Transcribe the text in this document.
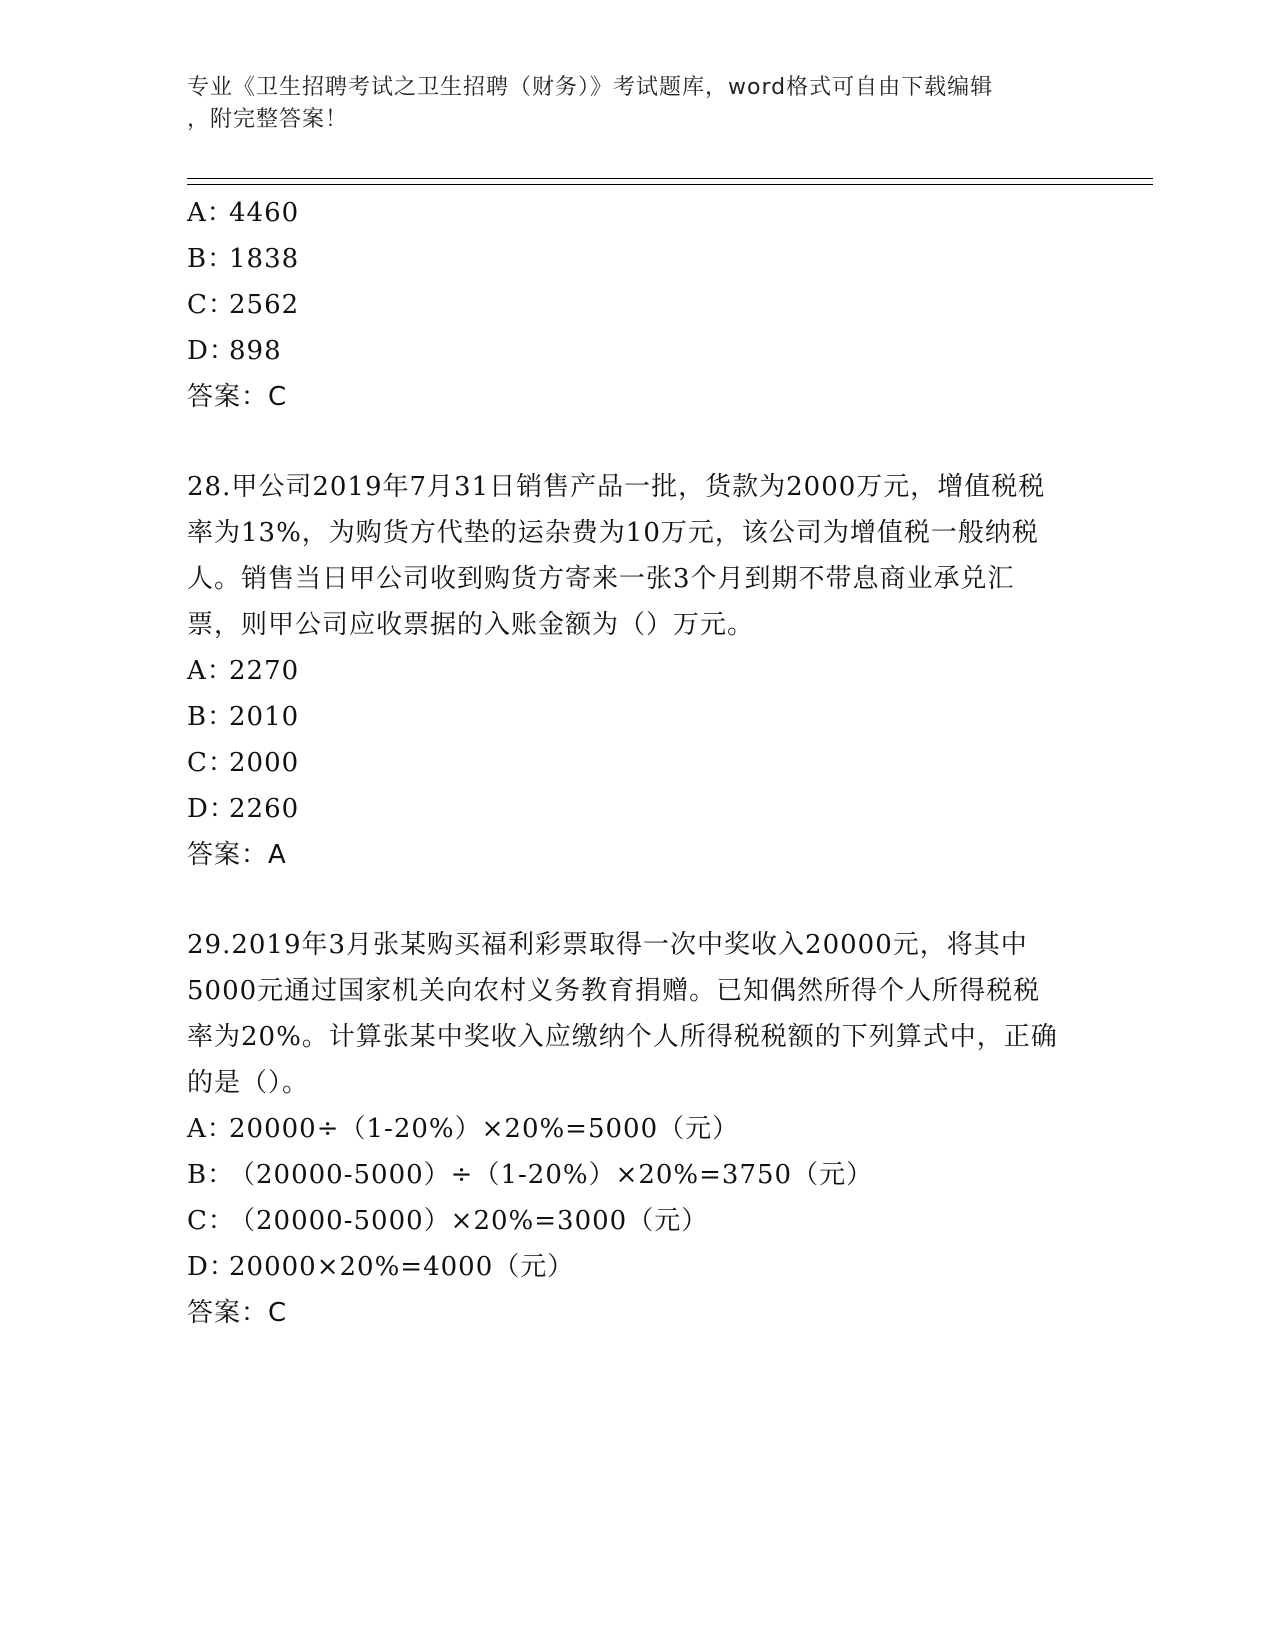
专业《卫生招聘考试之卫生招聘（财务）》考试题库，word格式可自由下载编辑
，附完整答案！
A：4460
B：1838
C：2562
D：898
答案：C
28.甲公司2019年7月31日销售产品一批，货款为2000万元，增值税税率为13%，为购货方代垫的运杂费为10万元，该公司为增值税一般纳税人。销售当日甲公司收到购货方寄来一张3个月到期不带息商业承兑汇票，则甲公司应收票据的入账金额为（）万元。
A：2270
B：2010
C：2000
D：2260
答案：A
29.2019年3月张某购买福利彩票取得一次中奖收入20000元，将其中5000元通过国家机关向农村义务教育捐赠。已知偶然所得个人所得税税率为20%。计算张某中奖收入应缴纳个人所得税税额的下列算式中，正确的是（）。
A：20000÷（1-20%）×20%=5000（元）
B：（20000-5000）÷（1-20%）×20%=3750（元）
C：（20000-5000）×20%=3000（元）
D：20000×20%=4000（元）
答案：C
